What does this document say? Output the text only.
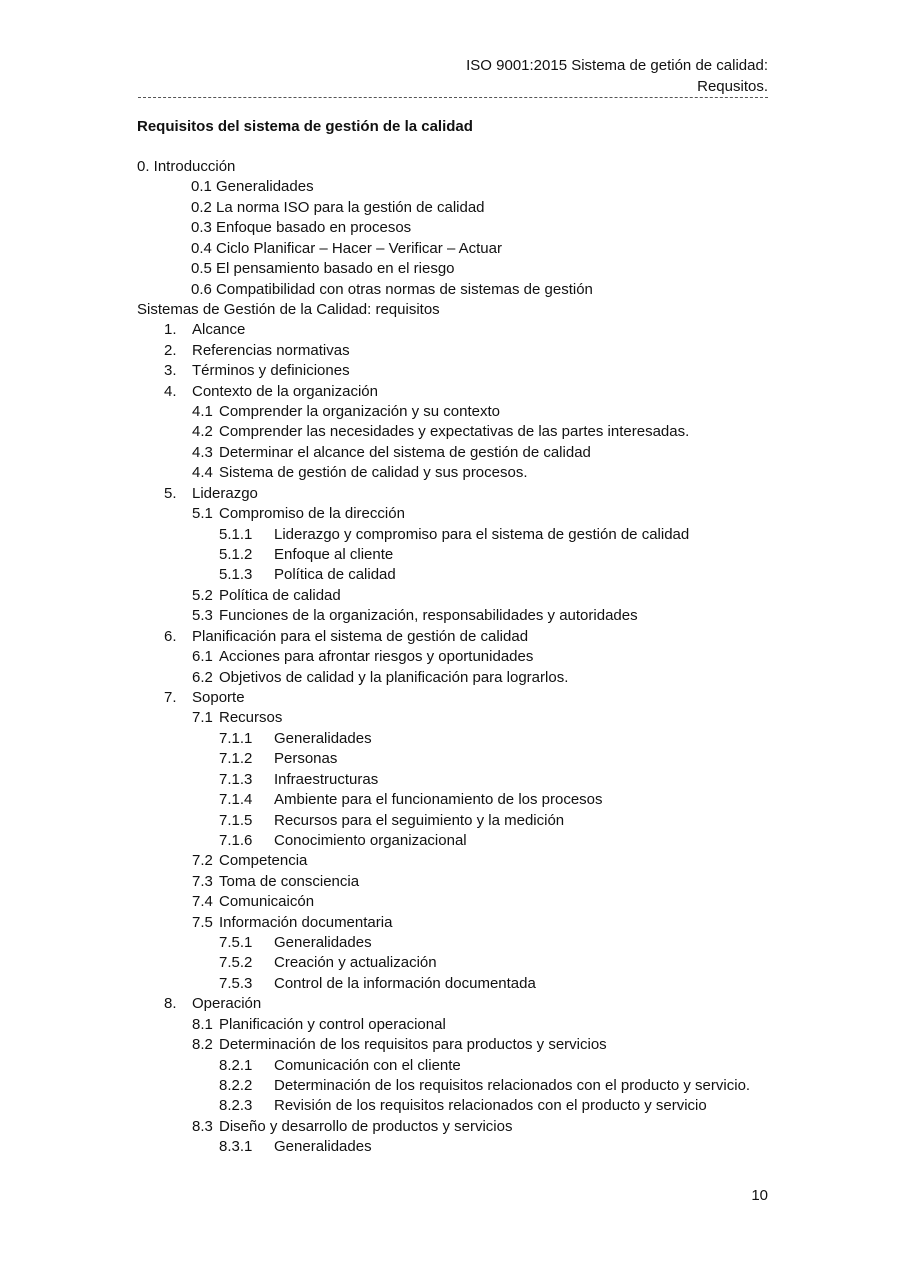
ISO 9001:2015 Sistema de getión de calidad:
Requsitos.
Requisitos del sistema de gestión de la calidad
0. Introducción
0.1 Generalidades
0.2 La norma ISO para la gestión de calidad
0.3 Enfoque basado en procesos
0.4 Ciclo Planificar – Hacer – Verificar – Actuar
0.5 El pensamiento basado en el riesgo
0.6 Compatibilidad con otras normas de sistemas de gestión
Sistemas de Gestión de la Calidad: requisitos
1. Alcance
2. Referencias normativas
3. Términos y definiciones
4. Contexto de la organización
4.1 Comprender la organización y su contexto
4.2 Comprender las necesidades y expectativas de las partes interesadas.
4.3 Determinar el alcance del sistema de gestión de calidad
4.4 Sistema de gestión de calidad y sus procesos.
5. Liderazgo
5.1 Compromiso de la dirección
5.1.1 Liderazgo y compromiso para el sistema de gestión de calidad
5.1.2 Enfoque al cliente
5.1.3 Política de calidad
5.2 Política de calidad
5.3 Funciones de la organización, responsabilidades y autoridades
6. Planificación para el sistema de gestión de calidad
6.1 Acciones para afrontar riesgos y oportunidades
6.2 Objetivos de calidad y la planificación para lograrlos.
7. Soporte
7.1 Recursos
7.1.1 Generalidades
7.1.2 Personas
7.1.3 Infraestructuras
7.1.4 Ambiente para el funcionamiento de los procesos
7.1.5 Recursos para el seguimiento y la medición
7.1.6 Conocimiento organizacional
7.2 Competencia
7.3 Toma de consciencia
7.4 Comunicaicón
7.5 Información documentaria
7.5.1 Generalidades
7.5.2 Creación y actualización
7.5.3 Control de la información documentada
8. Operación
8.1 Planificación y control operacional
8.2 Determinación de los requisitos para productos y servicios
8.2.1 Comunicación con el cliente
8.2.2 Determinación de los requisitos relacionados con el producto y servicio.
8.2.3 Revisión de los requisitos relacionados con el producto y servicio
8.3 Diseño y desarrollo de productos y servicios
8.3.1 Generalidades
10
